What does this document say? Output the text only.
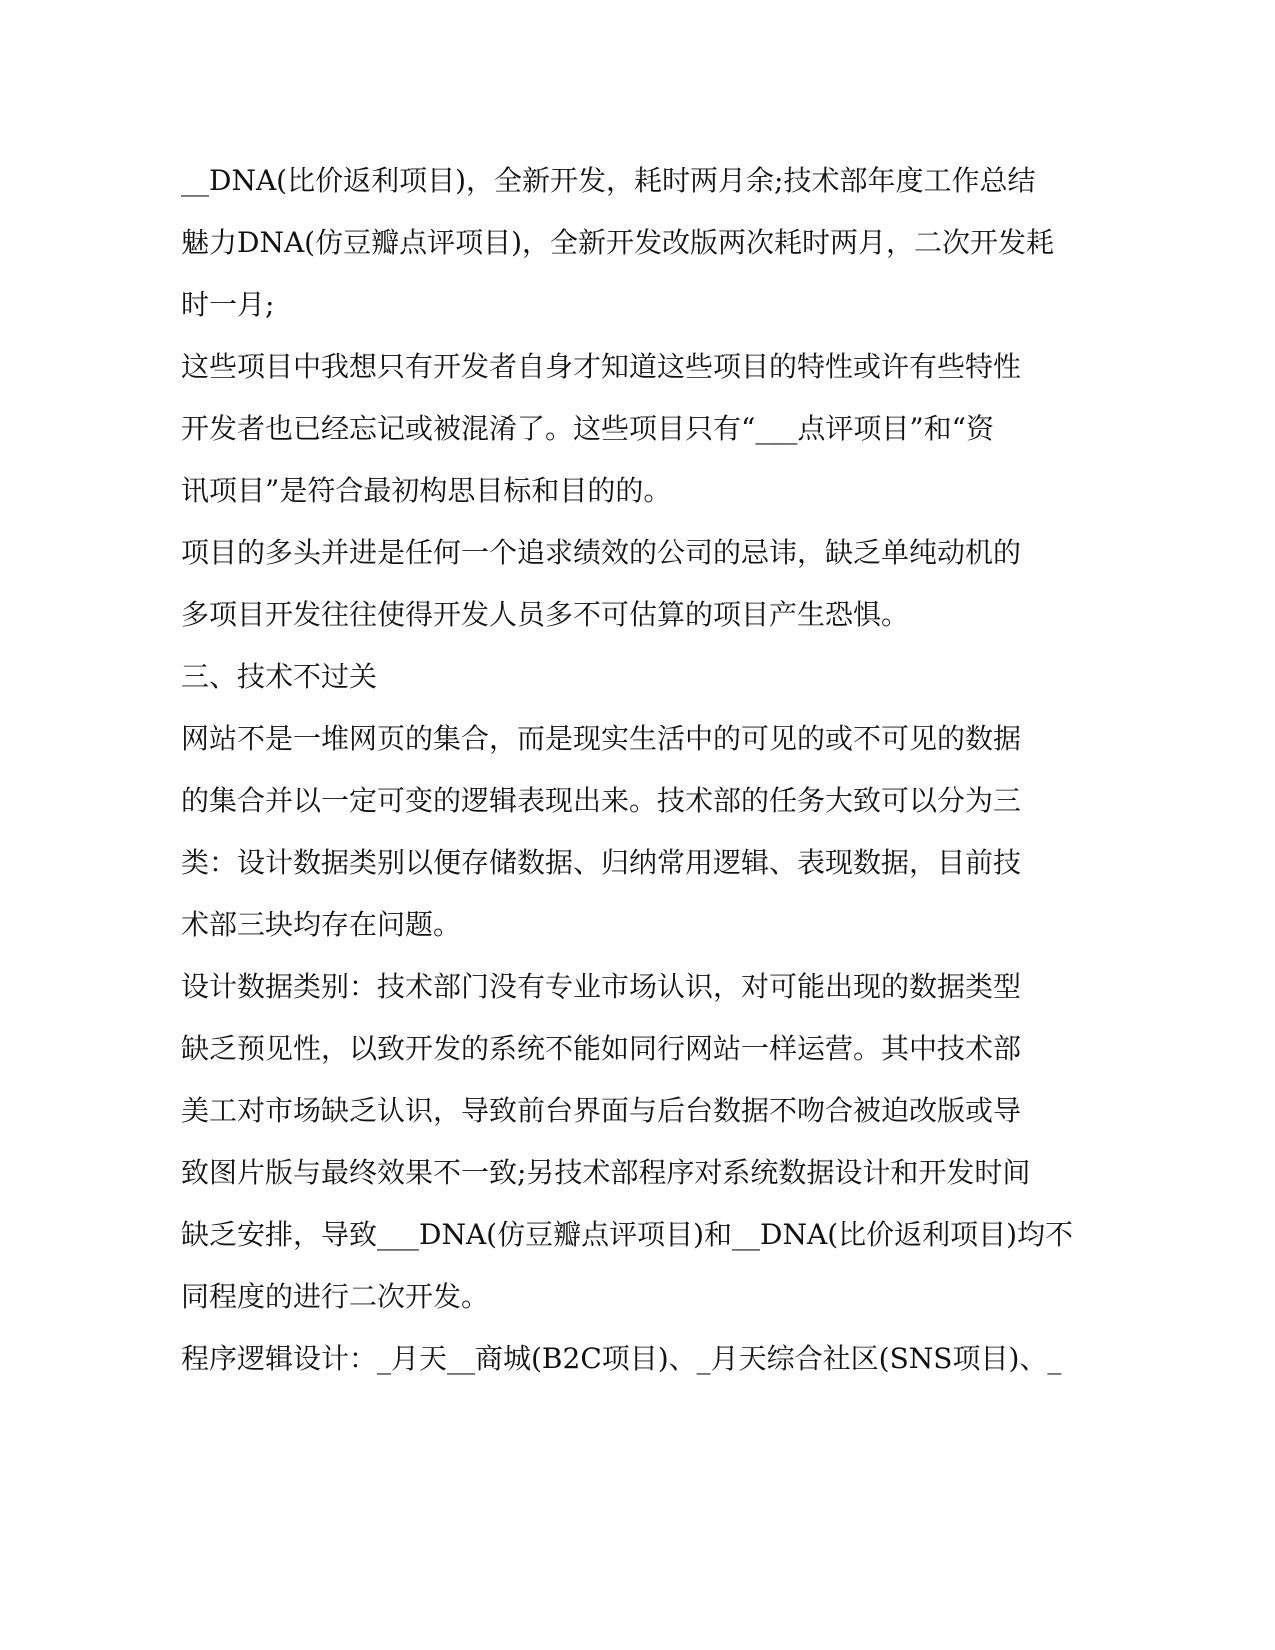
__DNA(比价返利项目)，全新开发，耗时两月余;技术部年度工作总结
魅力DNA(仿豆瓣点评项目)，全新开发改版两次耗时两月，二次开发耗
时一月;
这些项目中我想只有开发者自身才知道这些项目的特性或许有些特性
开发者也已经忘记或被混淆了。这些项目只有“___点评项目”和“资
讯项目”是符合最初构思目标和目的的。
项目的多头并进是任何一个追求绩效的公司的忌讳，缺乏单纯动机的
多项目开发往往使得开发人员多不可估算的项目产生恐惧。
三、技术不过关
网站不是一堆网页的集合，而是现实生活中的可见的或不可见的数据
的集合并以一定可变的逻辑表现出来。技术部的任务大致可以分为三
类：设计数据类别以便存储数据、归纳常用逻辑、表现数据，目前技
术部三块均存在问题。
设计数据类别：技术部门没有专业市场认识，对可能出现的数据类型
缺乏预见性，以致开发的系统不能如同行网站一样运营。其中技术部
美工对市场缺乏认识，导致前台界面与后台数据不吻合被迫改版或导
致图片版与最终效果不一致;另技术部程序对系统数据设计和开发时间
缺乏安排，导致___DNA(仿豆瓣点评项目)和__DNA(比价返利项目)均不
同程度的进行二次开发。
程序逻辑设计：_月天__商城(B2C项目)、_月天综合社区(SNS项目)、_
